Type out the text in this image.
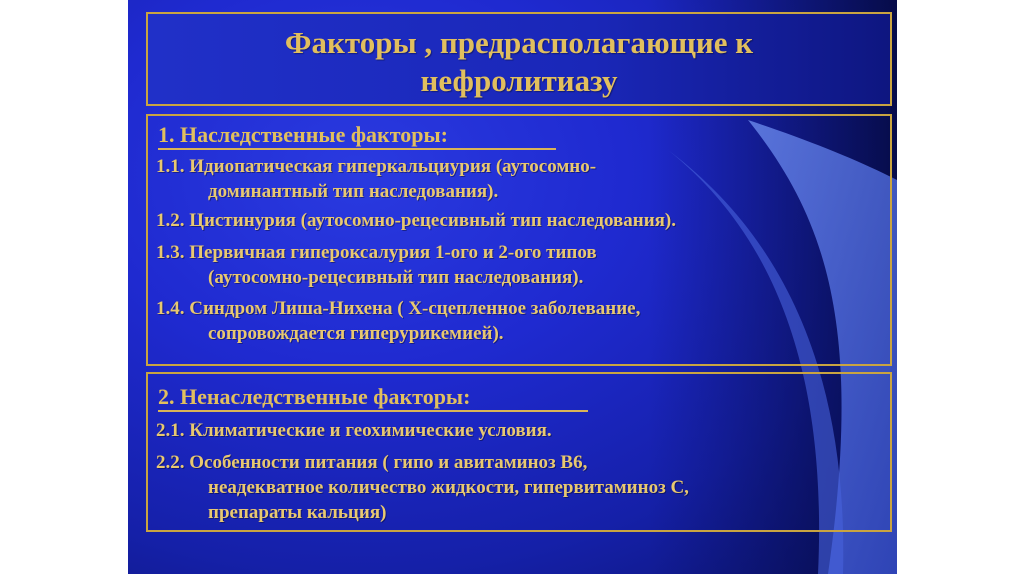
Факторы , предрасполагающие к
нефролитиазу
1. Наследственные факторы:
1.1. Идиопатическая гиперкальциурия (аутосомно-
доминантный тип наследования).
1.2. Цистинурия (аутосомно-рецесивный тип наследования).
1.3. Первичная гипероксалурия 1-ого и 2-ого типов
(аутосомно-рецесивный тип наследования).
1.4. Синдром Лиша-Нихена ( Х-сцепленное заболевание,
сопровождается гиперурикемией).
2. Ненаследственные факторы:
2.1. Климатические и геохимические условия.
2.2. Особенности питания ( гипо и авитаминоз В6,
неадекватное количество жидкости, гипервитаминоз С,
препараты кальция)
